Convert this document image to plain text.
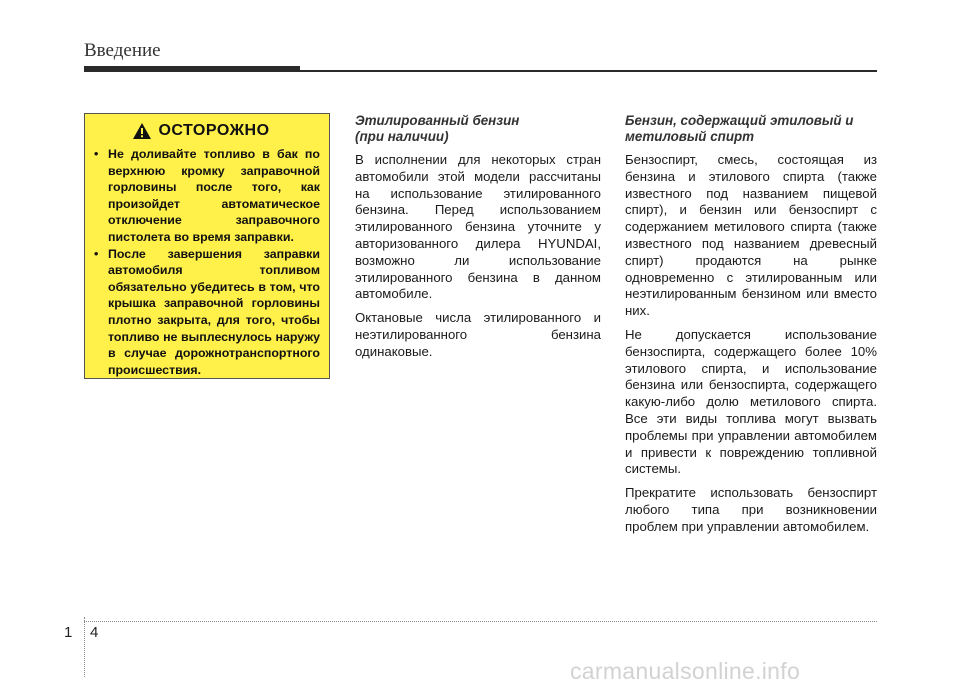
Введение
ОСТОРОЖНО
• Не доливайте топливо в бак по верхнюю кромку заправочной горловины после того, как произойдет автоматическое отключение заправочного пистолета во время заправки.
• После завершения заправки автомобиля топливом обязательно убедитесь в том, что крышка заправочной горловины плотно закрыта, для того, чтобы топливо не выплеснулось наружу в случае дорожнотранспортного происшествия.
Этилированный бензин
(при наличии)

В исполнении для некоторых стран автомобили этой модели рассчитаны на использование этилированного бензина. Перед использованием этилированного бензина уточните у авторизованного дилера HYUNDAI, возможно ли использование этилированного бензина в данном автомобиле.

Октановые числа этилированного и неэтилированного бензина одинаковые.

Бензин, содержащий этиловый и
метиловый спирт

Бензоспирт, смесь, состоящая из бензина и этилового спирта (также известного под названием пищевой спирт), и бензин или бензоспирт с содержанием метилового спирта (также известного под названием древесный спирт) продаются на рынке одновременно с этилированным или неэтилированным бензином или вместо них.

Не допускается использование бензоспирта, содержащего более 10% этилового спирта, и использование бензина или бензоспирта, содержащего какую-либо долю метилового спирта. Все эти виды топлива могут вызвать проблемы при управлении автомобилем и привести к повреждению топливной системы.

Прекратите использовать бензоспирт любого типа при возникновении проблем при управлении автомобилем.

1 4
carmanualsonline.info
